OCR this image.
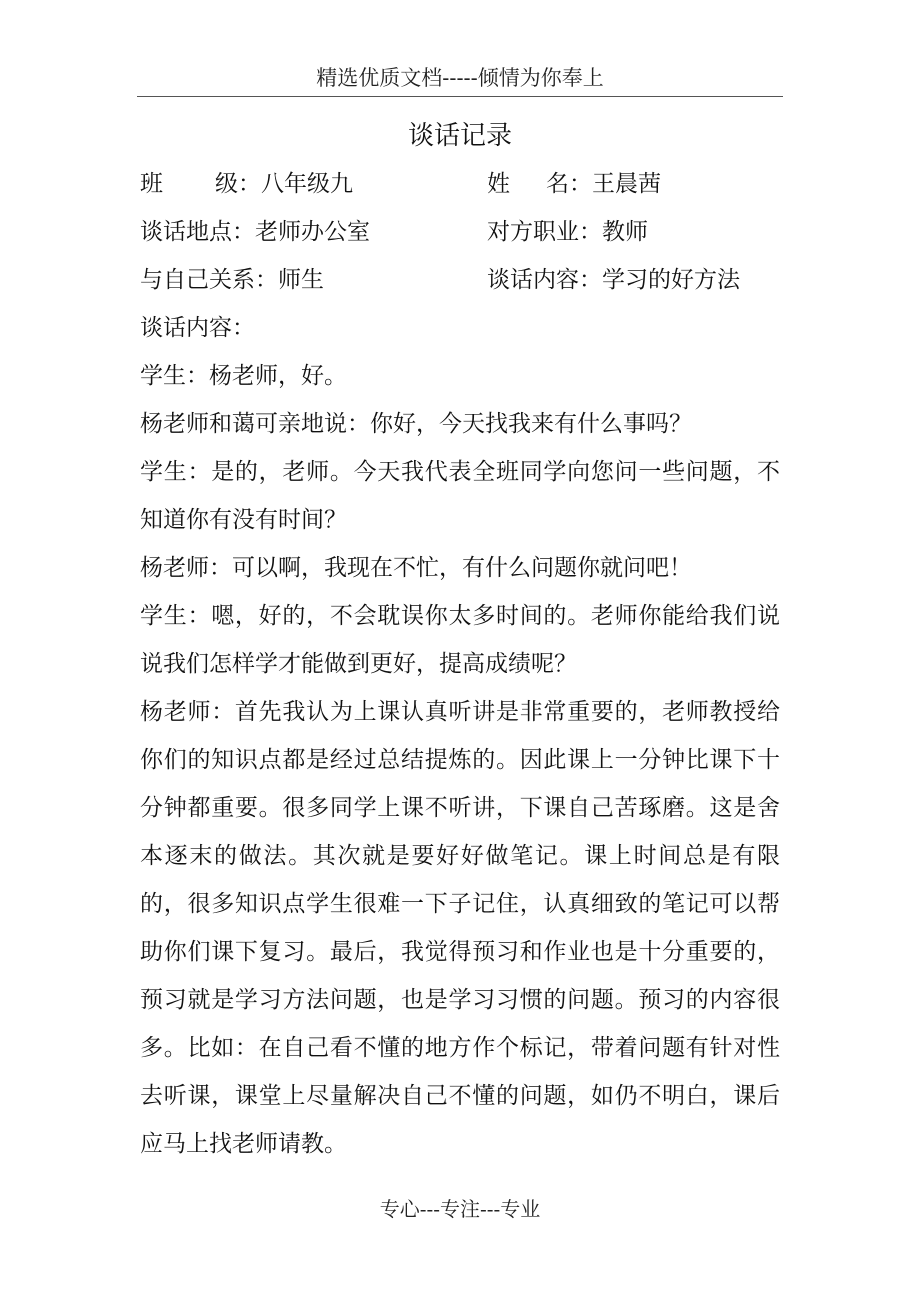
精选优质文档-----倾情为你奉上
谈话记录
班 级：八年级九	姓 名：王晨茜
谈话地点：老师办公室	对方职业：教师
与自己关系：师生	谈话内容：学习的好方法

谈话内容：

学生：杨老师，好。

杨老师和蔼可亲地说：你好，今天找我来有什么事吗？

学生：是的，老师。今天我代表全班同学向您问一些问题，不知道你有没有时间？

杨老师：可以啊，我现在不忙，有什么问题你就问吧！

学生：嗯，好的，不会耽误你太多时间的。老师你能给我们说说我们怎样学才能做到更好，提高成绩呢？

杨老师：首先我认为上课认真听讲是非常重要的，老师教授给你们的知识点都是经过总结提炼的。因此课上一分钟比课下十分钟都重要。很多同学上课不听讲，下课自己苦琢磨。这是舍本逐末的做法。其次就是要好好做笔记。课上时间总是有限的，很多知识点学生很难一下子记住，认真细致的笔记可以帮助你们课下复习。最后，我觉得预习和作业也是十分重要的，预习就是学习方法问题，也是学习习惯的问题。预习的内容很多。比如：在自己看不懂的地方作个标记，带着问题有针对性去听课，课堂上尽量解决自己不懂的问题，如仍不明白，课后应马上找老师请教。

专心---专注---专业
